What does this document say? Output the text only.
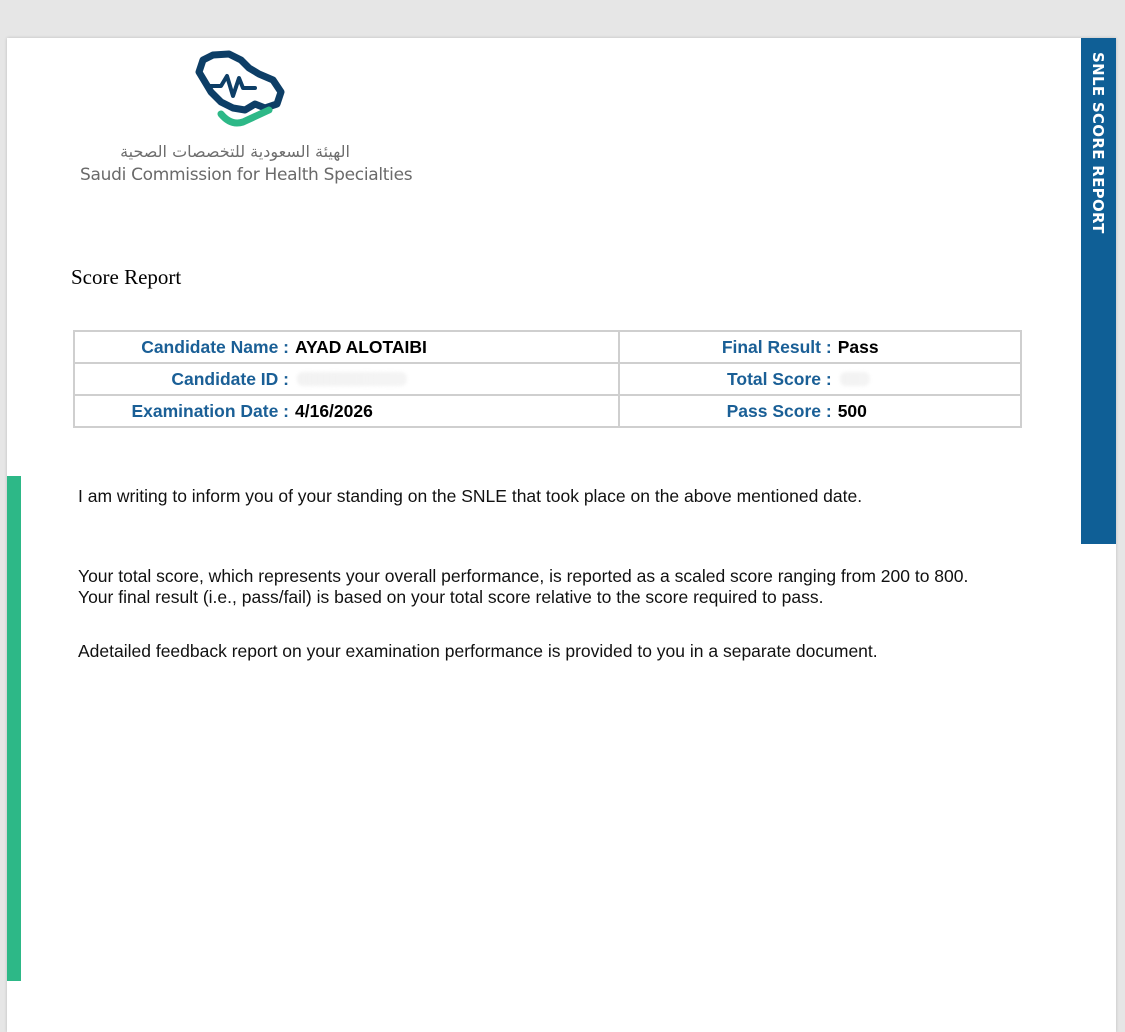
SNLE SCORE REPORT
الهيئة السعودية للتخصصات الصحية
Saudi Commission for Health Specialties
Score Report
Candidate Name : AYAD ALOTAIBI	Final Result : Pass

Candidate ID :	Total Score :

Examination Date : 4/16/2026	Pass Score : 500

I am writing to inform you of your standing on the SNLE that took place on the above mentioned date.

Your total score, which represents your overall performance, is reported as a scaled score ranging from 200 to 800. Your final result (i.e., pass/fail) is based on your total score relative to the score required to pass.

Adetailed feedback report on your examination performance is provided to you in a separate document.
